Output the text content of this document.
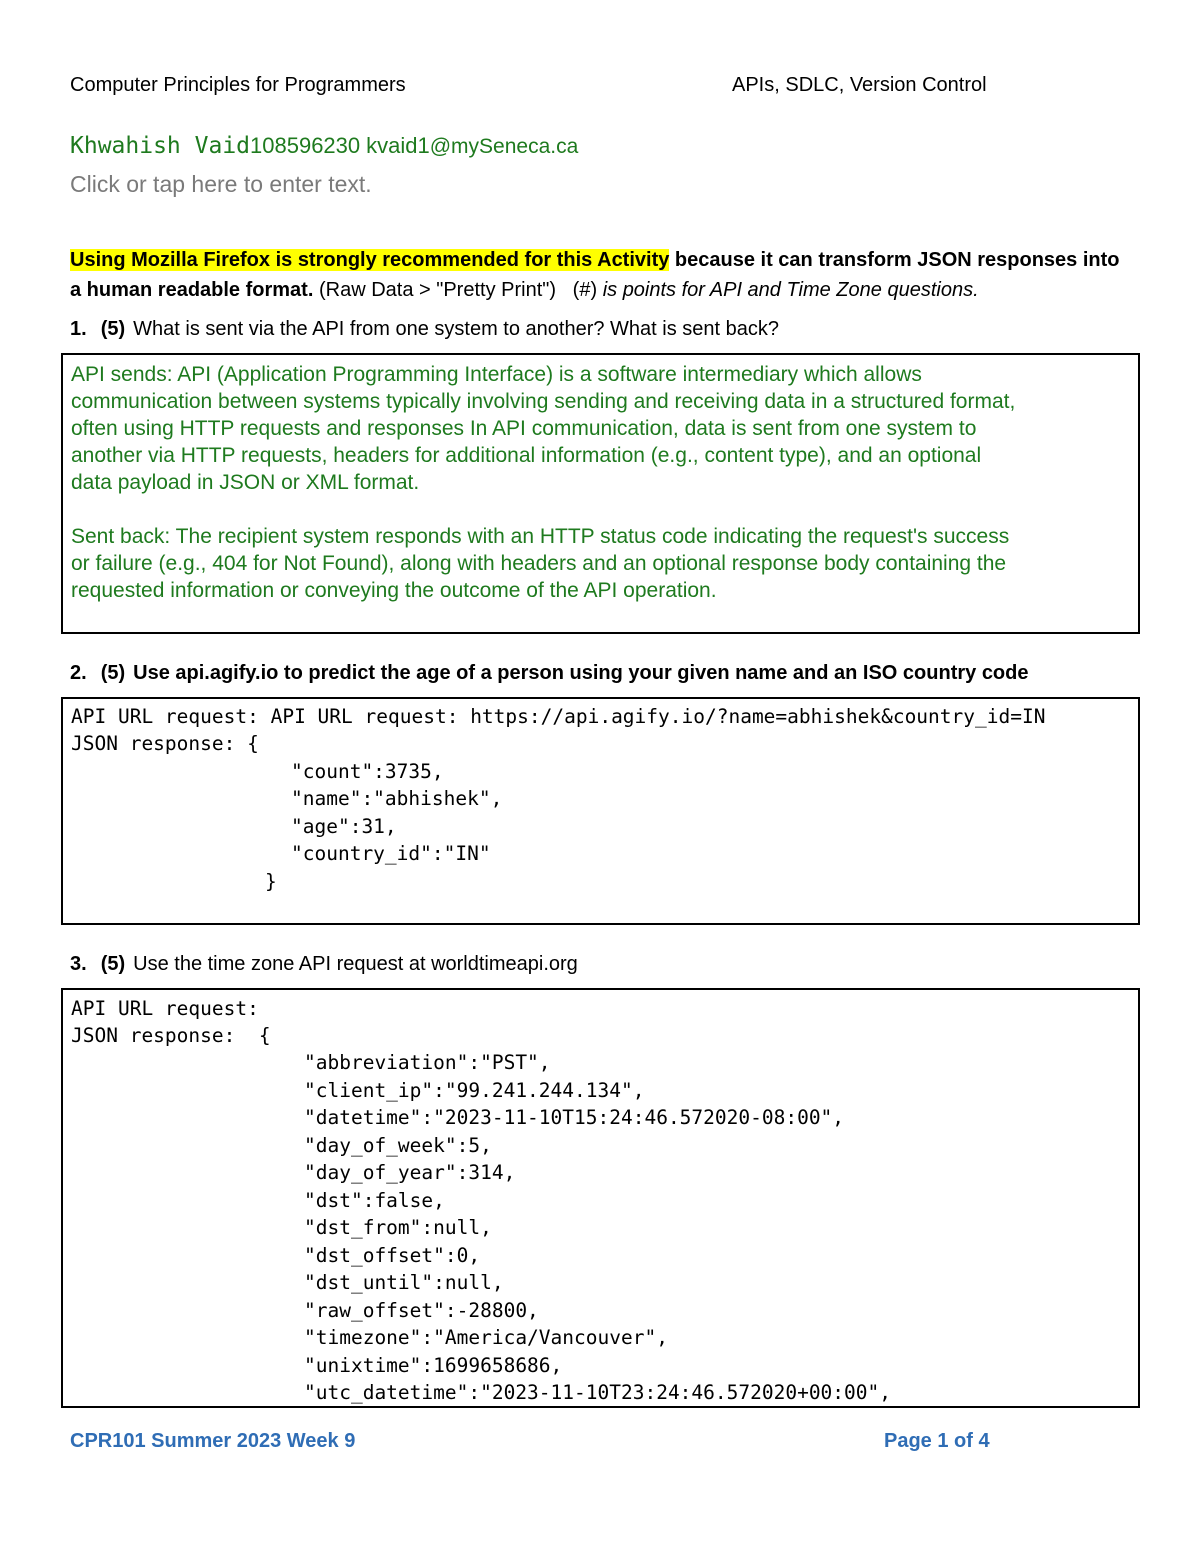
Computer Principles for Programmers	APIs, SDLC, Version Control
Khwahish Vaid108596230 kvaid1@mySeneca.ca
Click or tap here to enter text.
Using Mozilla Firefox is strongly recommended for this Activity because it can transform JSON responses into
a human readable format. (Raw Data > "Pretty Print")   (#) is points for API and Time Zone questions.
1. (5) What is sent via the API from one system to another? What is sent back?
API sends: API (Application Programming Interface) is a software intermediary which allows
communication between systems typically involving sending and receiving data in a structured format,
often using HTTP requests and responses In API communication, data is sent from one system to
another via HTTP requests, headers for additional information (e.g., content type), and an optional
data payload in JSON or XML format.
Sent back: The recipient system responds with an HTTP status code indicating the request's success
or failure (e.g., 404 for Not Found), along with headers and an optional response body containing the
requested information or conveying the outcome of the API operation.
2. (5) Use api.agify.io to predict the age of a person using your given name and an ISO country code
API URL request: API URL request: https://api.agify.io/?name=abhishek&country_id=IN
JSON response: {
"count":3735,
"name":"abhishek",
"age":31,
"country_id":"IN"
}
3. (5) Use the time zone API request at worldtimeapi.org
API URL request:
JSON response:  {
"abbreviation":"PST",
"client_ip":"99.241.244.134",
"datetime":"2023-11-10T15:24:46.572020-08:00",
"day_of_week":5,
"day_of_year":314,
"dst":false,
"dst_from":null,
"dst_offset":0,
"dst_until":null,
"raw_offset":-28800,
"timezone":"America/Vancouver",
"unixtime":1699658686,
"utc_datetime":"2023-11-10T23:24:46.572020+00:00",
CPR101 Summer 2023 Week 9	Page 1 of 4
